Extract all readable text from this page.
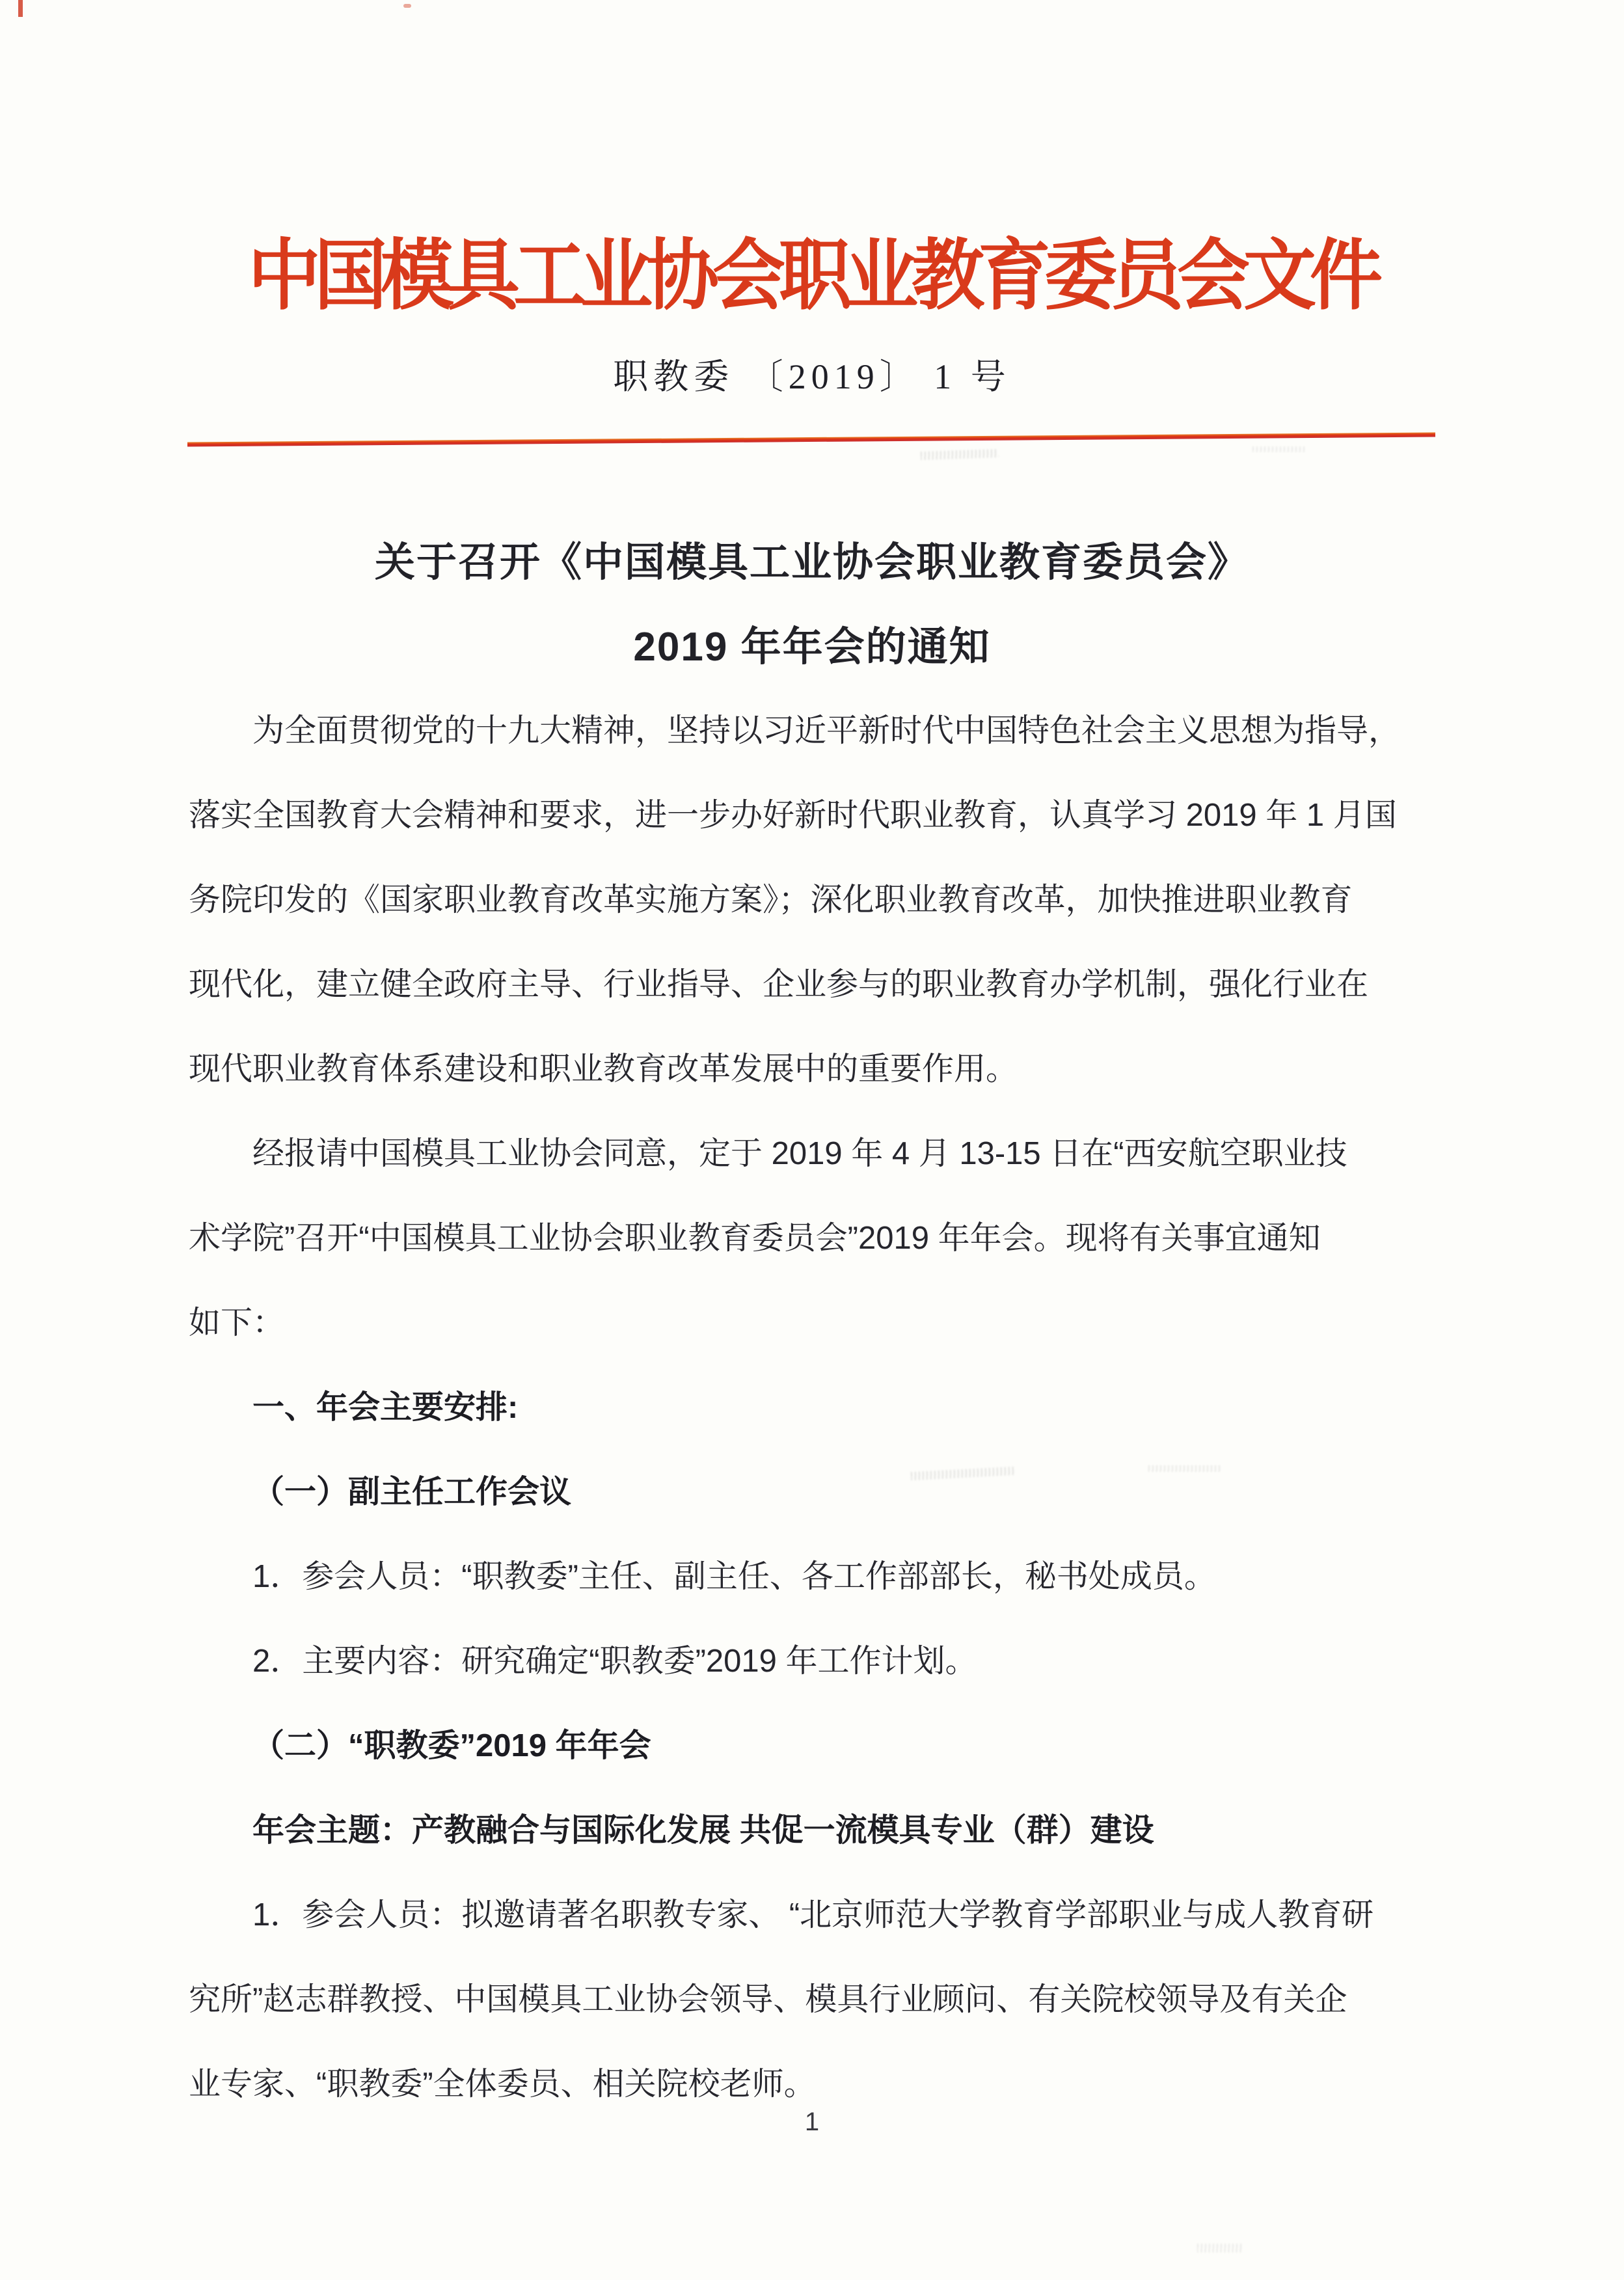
中国模具工业协会职业教育委员会文件
职教委 〔2019〕 1 号
关于召开《中国模具工业协会职业教育委员会》
2019 年年会的通知
为全面贯彻党的十九大精神，坚持以习近平新时代中国特色社会主义思想为指导，
落实全国教育大会精神和要求，进一步办好新时代职业教育，认真学习 2019 年 1 月国
务院印发的《国家职业教育改革实施方案》；深化职业教育改革，加快推进职业教育
现代化，建立健全政府主导、行业指导、企业参与的职业教育办学机制，强化行业在
现代职业教育体系建设和职业教育改革发展中的重要作用。
经报请中国模具工业协会同意，定于 2019 年 4 月 13-15 日在“西安航空职业技
术学院”召开“中国模具工业协会职业教育委员会”2019 年年会。现将有关事宜通知
如下：
一、年会主要安排:
（一）副主任工作会议
1．参会人员：“职教委”主任、副主任、各工作部部长，秘书处成员。
2．主要内容：研究确定“职教委”2019 年工作计划。
（二）“职教委”2019 年年会
年会主题：产教融合与国际化发展 共促一流模具专业（群）建设
1．参会人员：拟邀请著名职教专家、 “北京师范大学教育学部职业与成人教育研
究所”赵志群教授、中国模具工业协会领导、模具行业顾问、有关院校领导及有关企
业专家、“职教委”全体委员、相关院校老师。
1
